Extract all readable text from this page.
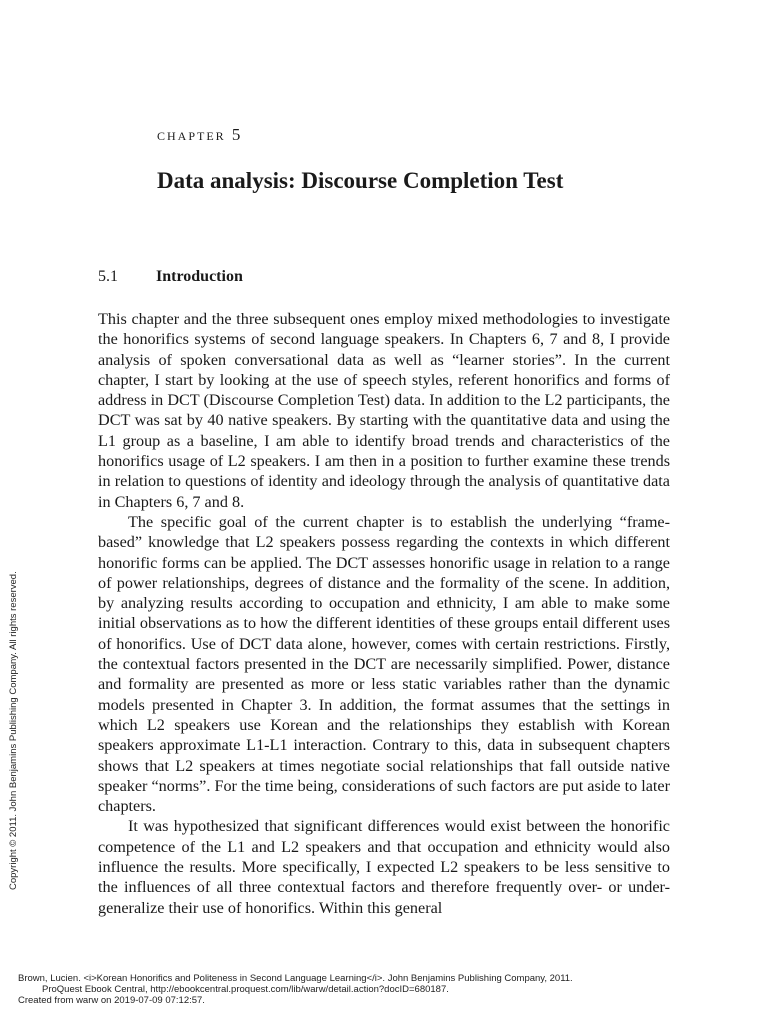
chapter 5
Data analysis: Discourse Completion Test
5.1	Introduction

This chapter and the three subsequent ones employ mixed methodologies to investigate the honorifics systems of second language speakers. In Chapters 6, 7 and 8, I provide analysis of spoken conversational data as well as “learner stories”. In the current chapter, I start by looking at the use of speech styles, referent honorifics and forms of address in DCT (Discourse Completion Test) data. In addition to the L2 participants, the DCT was sat by 40 native speakers. By starting with the quantitative data and using the L1 group as a baseline, I am able to identify broad trends and characteristics of the honorifics usage of L2 speakers. I am then in a position to further examine these trends in relation to questions of identity and ideology through the analysis of quantitative data in Chapters 6, 7 and 8.

The specific goal of the current chapter is to establish the underlying “frame-based” knowledge that L2 speakers possess regarding the contexts in which different honorific forms can be applied. The DCT assesses honorific usage in relation to a range of power relationships, degrees of distance and the formality of the scene. In addition, by analyzing results according to occupation and ethnicity, I am able to make some initial observations as to how the different identities of these groups entail different uses of honorifics. Use of DCT data alone, however, comes with certain restrictions. Firstly, the contextual factors presented in the DCT are necessarily simplified. Power, distance and formality are presented as more or less static variables rather than the dynamic models presented in Chapter 3. In addition, the format assumes that the settings in which L2 speakers use Korean and the relationships they establish with Korean speakers approximate L1-L1 interaction. Contrary to this, data in subsequent chapters shows that L2 speakers at times negotiate social relationships that fall outside native speaker “norms”. For the time being, considerations of such factors are put aside to later chapters.

It was hypothesized that significant differences would exist between the honorific competence of the L1 and L2 speakers and that occupation and ethnicity would also influence the results. More specifically, I expected L2 speakers to be less sensitive to the influences of all three contextual factors and therefore frequently over- or under-generalize their use of honorifics. Within this general

Copyright © 2011. John Benjamins Publishing Company. All rights reserved.
Brown, Lucien. <i>Korean Honorifics and Politeness in Second Language Learning</i>. John Benjamins Publishing Company, 2011.
ProQuest Ebook Central, http://ebookcentral.proquest.com/lib/warw/detail.action?docID=680187.
Created from warw on 2019-07-09 07:12:57.
